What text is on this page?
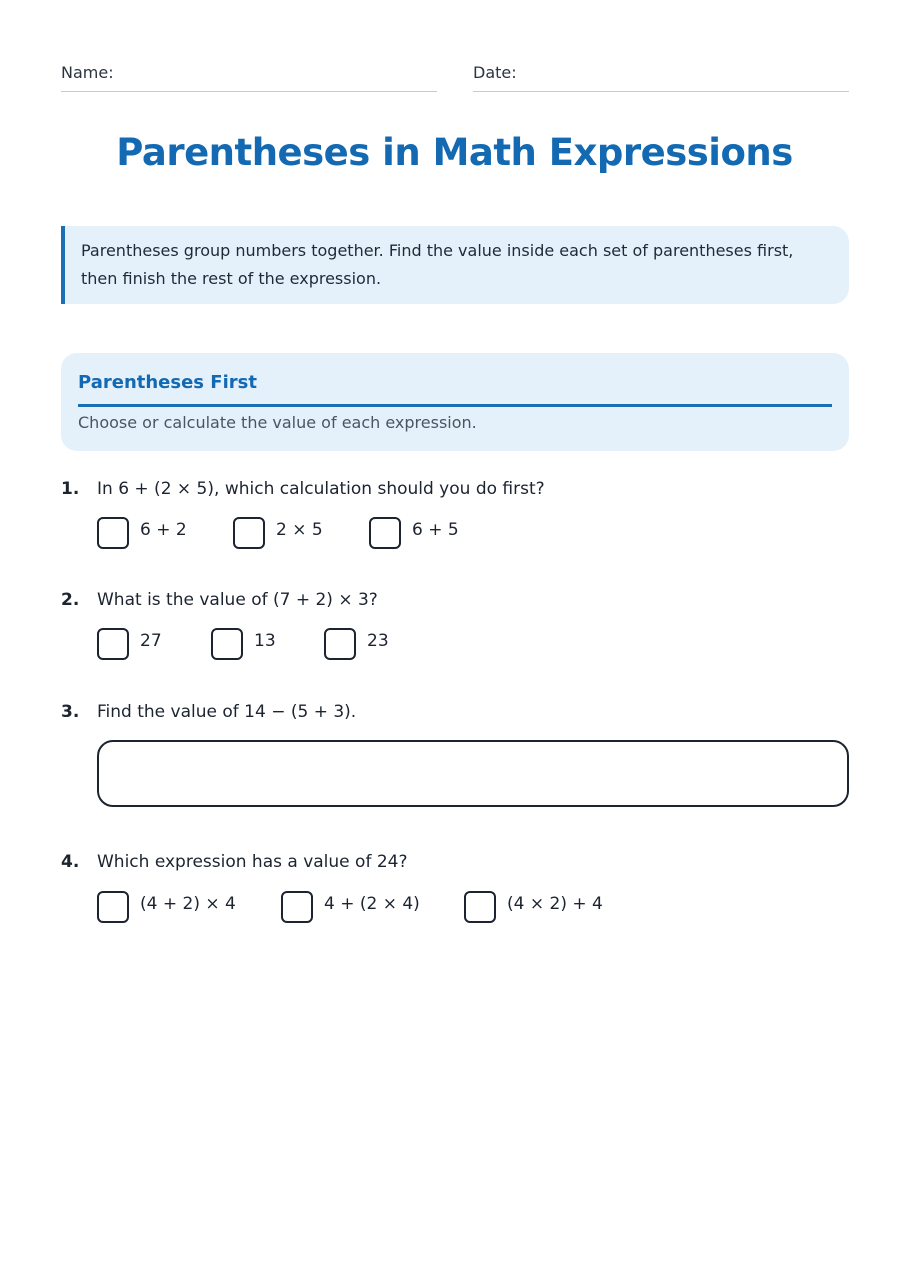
Name:	Date:
Parentheses in Math Expressions
Parentheses group numbers together. Find the value inside each set of parentheses first,
then finish the rest of the expression.
Parentheses First
Choose or calculate the value of each expression.
1. In 6 + (2 × 5), which calculation should you do first?
6 + 2	2 × 5	6 + 5
2. What is the value of (7 + 2) × 3?
27	13	23
3. Find the value of 14 − (5 + 3).
4. Which expression has a value of 24?
(4 + 2) × 4	4 + (2 × 4)	(4 × 2) + 4
